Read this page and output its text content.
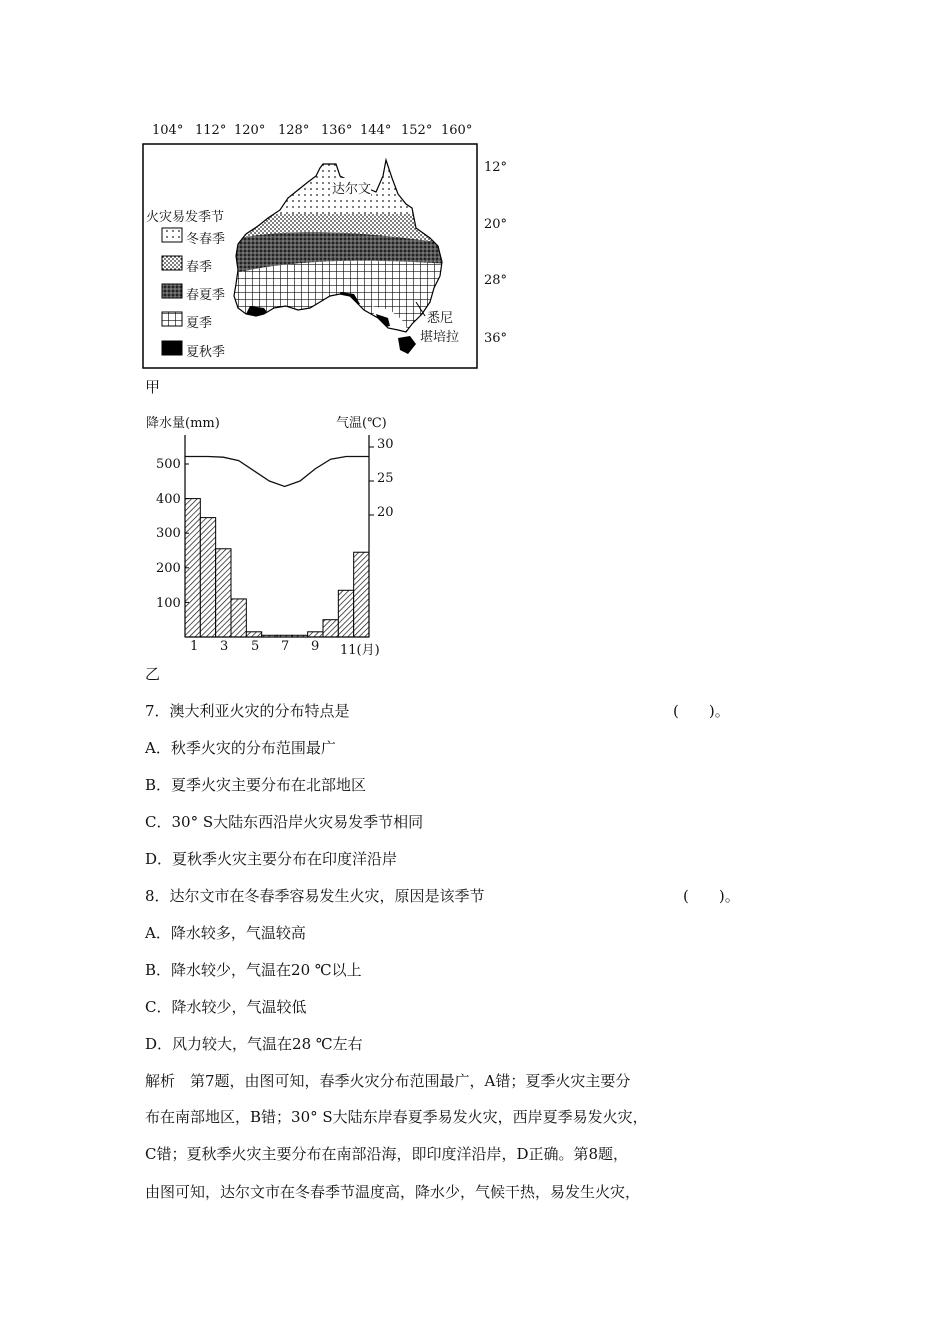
104° 112° 120° 128° 136° 144° 152° 160°
12°
20°
28°
36°
火灾易发季节
冬春季
春季
春夏季
夏季
夏秋季
达尔文
悉尼
堪培拉
甲
降水量(mm)	气温(℃)
500
400
300
200
100
30
25
20
1 3 5 7 9 11(月)
乙
7．澳大利亚火灾的分布特点是	(　　)。
A．秋季火灾的分布范围最广
B．夏季火灾主要分布在北部地区
C．30° S大陆东西沿岸火灾易发季节相同
D．夏秋季火灾主要分布在印度洋沿岸
8．达尔文市在冬春季容易发生火灾，原因是该季节	(　　)。
A．降水较多，气温较高
B．降水较少，气温在20 ℃以上
C．降水较少，气温较低
D．风力较大，气温在28 ℃左右
解析　第7题，由图可知，春季火灾分布范围最广，A错；夏季火灾主要分
布在南部地区，B错；30° S大陆东岸春夏季易发火灾，西岸夏季易发火灾，
C错；夏秋季火灾主要分布在南部沿海，即印度洋沿岸，D正确。第8题，
由图可知，达尔文市在冬春季节温度高，降水少，气候干热，易发生火灾，
